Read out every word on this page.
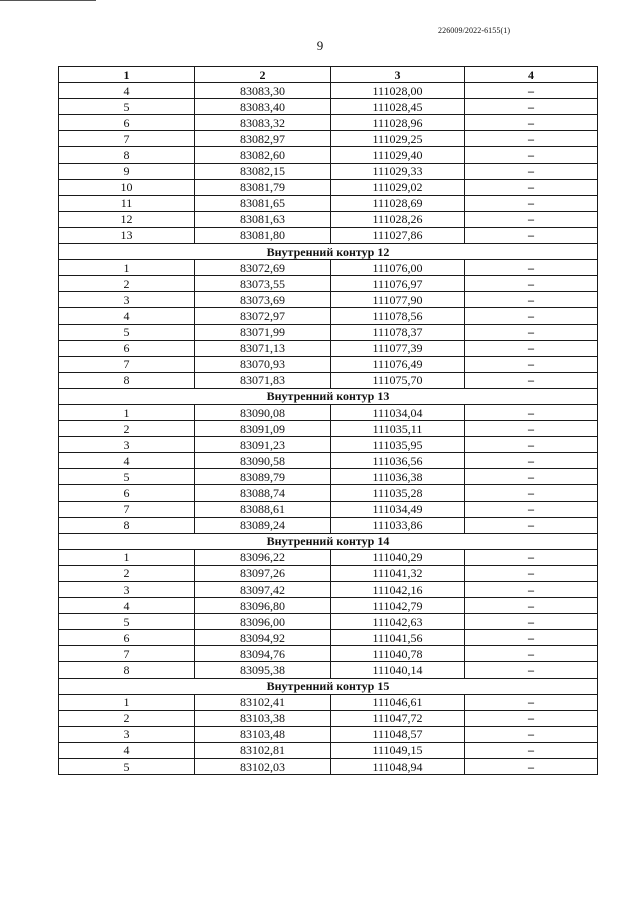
226009/2022-6155(1)
9
1	2	3	4
4	83083,30	111028,00	–
5	83083,40	111028,45	–
6	83083,32	111028,96	–
7	83082,97	111029,25	–
8	83082,60	111029,40	–
9	83082,15	111029,33	–
10	83081,79	111029,02	–
11	83081,65	111028,69	–
12	83081,63	111028,26	–
13	83081,80	111027,86	–
Внутренний контур 12			
1	83072,69	111076,00	–
2	83073,55	111076,97	–
3	83073,69	111077,90	–
4	83072,97	111078,56	–
5	83071,99	111078,37	–
6	83071,13	111077,39	–
7	83070,93	111076,49	–
8	83071,83	111075,70	–
Внутренний контур 13			
1	83090,08	111034,04	–
2	83091,09	111035,11	–
3	83091,23	111035,95	–
4	83090,58	111036,56	–
5	83089,79	111036,38	–
6	83088,74	111035,28	–
7	83088,61	111034,49	–
8	83089,24	111033,86	–
Внутренний контур 14			
1	83096,22	111040,29	–
2	83097,26	111041,32	–
3	83097,42	111042,16	–
4	83096,80	111042,79	–
5	83096,00	111042,63	–
6	83094,92	111041,56	–
7	83094,76	111040,78	–
8	83095,38	111040,14	–
Внутренний контур 15			
1	83102,41	111046,61	–
2	83103,38	111047,72	–
3	83103,48	111048,57	–
4	83102,81	111049,15	–
5	83102,03	111048,94	–
